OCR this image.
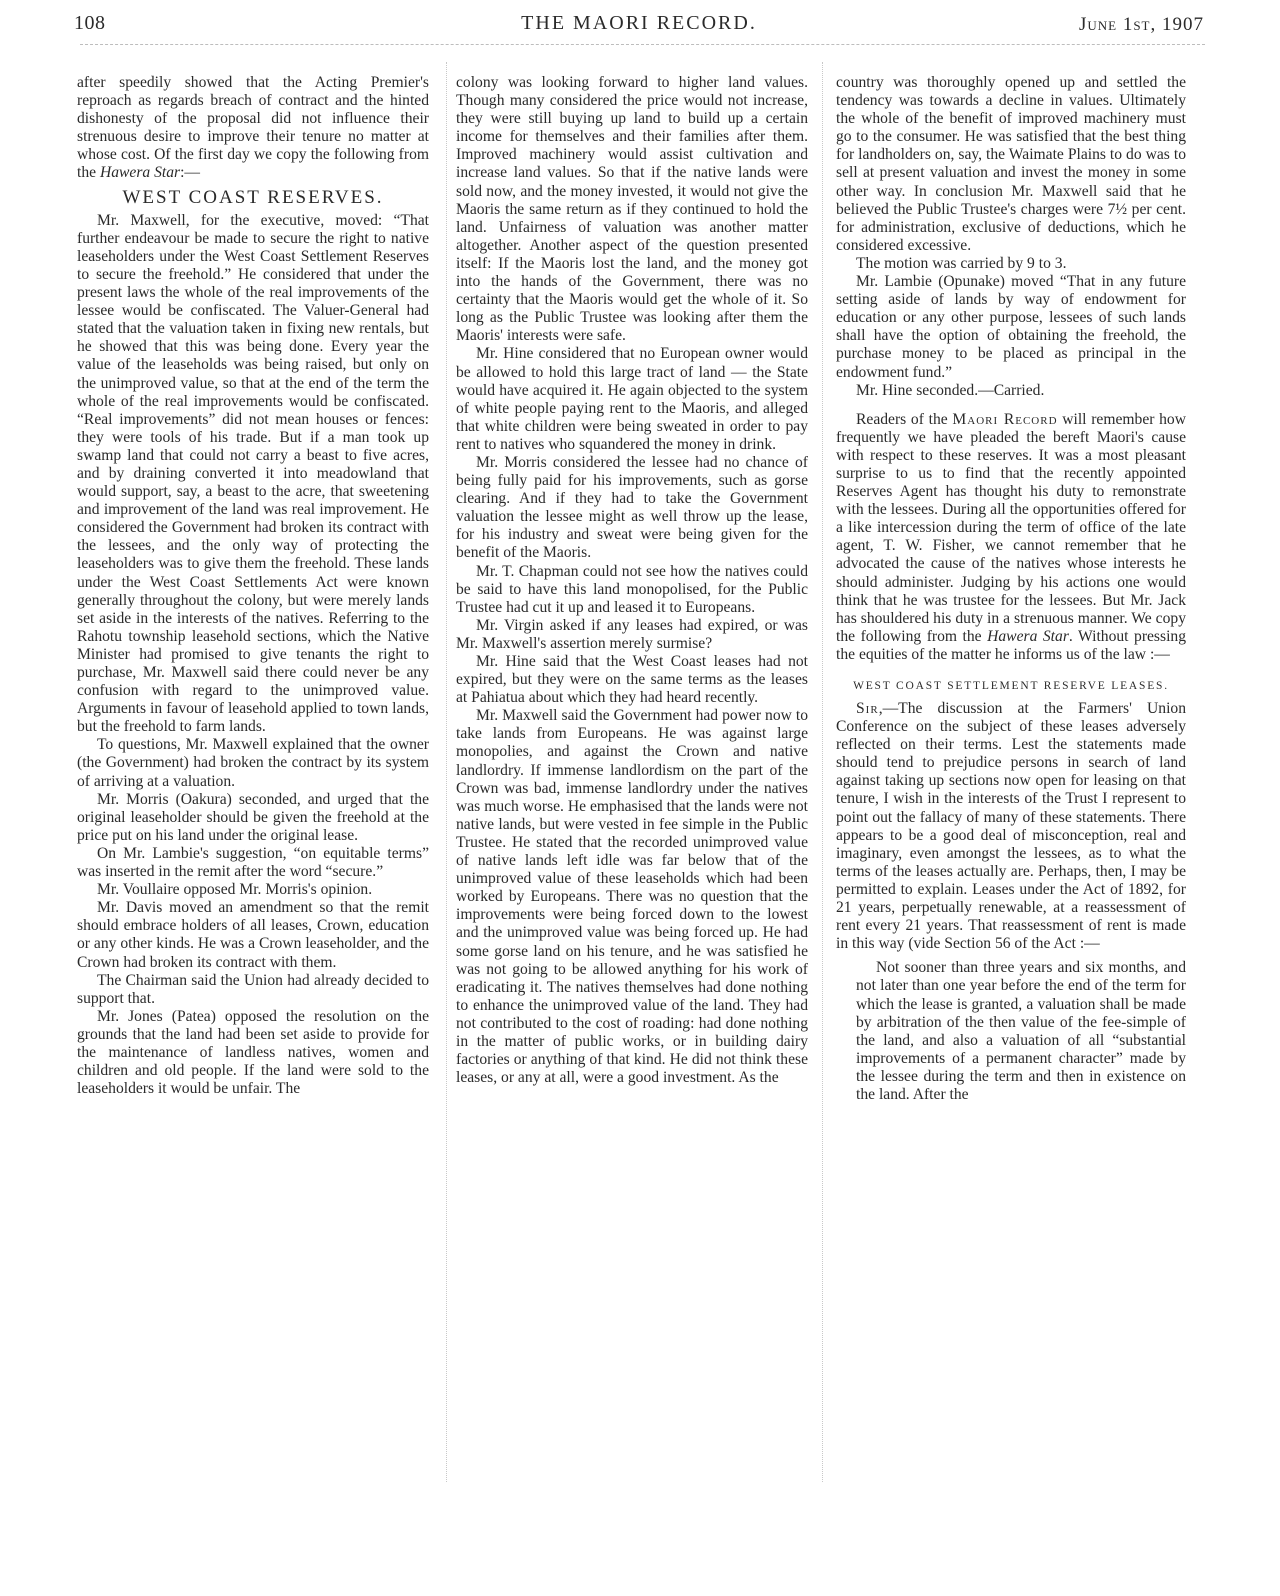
108	THE MAORI RECORD.	June 1st, 1907

after speedily showed that the Acting Premier's reproach as regards breach of contract and the hinted dishonesty of the proposal did not influence their strenuous desire to improve their tenure no matter at whose cost. Of the first day we copy the following from the Hawera Star:—

WEST COAST RESERVES.

Mr. Maxwell, for the executive, moved: “That further endeavour be made to secure the right to native leaseholders under the West Coast Settlement Reserves to secure the freehold.” He considered that under the present laws the whole of the real improvements of the lessee would be confiscated. The Valuer-General had stated that the valuation taken in fixing new rentals, but he showed that this was being done. Every year the value of the leaseholds was being raised, but only on the unimproved value, so that at the end of the term the whole of the real improvements would be confiscated. “Real improvements” did not mean houses or fences: they were tools of his trade. But if a man took up swamp land that could not carry a beast to five acres, and by draining converted it into meadowland that would support, say, a beast to the acre, that sweetening and improvement of the land was real improvement. He considered the Government had broken its contract with the lessees, and the only way of protecting the leaseholders was to give them the freehold. These lands under the West Coast Settlements Act were known generally throughout the colony, but were merely lands set aside in the interests of the natives. Referring to the Rahotu township leasehold sections, which the Native Minister had promised to give tenants the right to purchase, Mr. Maxwell said there could never be any confusion with regard to the unimproved value. Arguments in favour of leasehold applied to town lands, but the freehold to farm lands.

To questions, Mr. Maxwell explained that the owner (the Government) had broken the contract by its system of arriving at a valuation.

Mr. Morris (Oakura) seconded, and urged that the original leaseholder should be given the freehold at the price put on his land under the original lease.

On Mr. Lambie's suggestion, “on equitable terms” was inserted in the remit after the word “secure.”

Mr. Voullaire opposed Mr. Morris's opinion.

Mr. Davis moved an amendment so that the remit should embrace holders of all leases, Crown, education or any other kinds. He was a Crown leaseholder, and the Crown had broken its contract with them.

The Chairman said the Union had already decided to support that.

Mr. Jones (Patea) opposed the resolution on the grounds that the land had been set aside to provide for the maintenance of landless natives, women and children and old people. If the land were sold to the leaseholders it would be unfair. The

colony was looking forward to higher land values. Though many considered the price would not increase, they were still buying up land to build up a certain income for themselves and their families after them. Improved machinery would assist cultivation and increase land values. So that if the native lands were sold now, and the money invested, it would not give the Maoris the same return as if they continued to hold the land. Unfairness of valuation was another matter altogether. Another aspect of the question presented itself: If the Maoris lost the land, and the money got into the hands of the Government, there was no certainty that the Maoris would get the whole of it. So long as the Public Trustee was looking after them the Maoris' interests were safe.

Mr. Hine considered that no European owner would be allowed to hold this large tract of land — the State would have acquired it. He again objected to the system of white people paying rent to the Maoris, and alleged that white children were being sweated in order to pay rent to natives who squandered the money in drink.

Mr. Morris considered the lessee had no chance of being fully paid for his improvements, such as gorse clearing. And if they had to take the Government valuation the lessee might as well throw up the lease, for his industry and sweat were being given for the benefit of the Maoris.

Mr. T. Chapman could not see how the natives could be said to have this land monopolised, for the Public Trustee had cut it up and leased it to Europeans.

Mr. Virgin asked if any leases had expired, or was Mr. Maxwell's assertion merely surmise?

Mr. Hine said that the West Coast leases had not expired, but they were on the same terms as the leases at Pahiatua about which they had heard recently.

Mr. Maxwell said the Government had power now to take lands from Europeans. He was against large monopolies, and against the Crown and native landlordry. If immense landlordism on the part of the Crown was bad, immense landlordry under the natives was much worse. He emphasised that the lands were not native lands, but were vested in fee simple in the Public Trustee. He stated that the recorded unimproved value of native lands left idle was far below that of the unimproved value of these leaseholds which had been worked by Europeans. There was no question that the improvements were being forced down to the lowest and the unimproved value was being forced up. He had some gorse land on his tenure, and he was satisfied he was not going to be allowed anything for his work of eradicating it. The natives themselves had done nothing to enhance the unimproved value of the land. They had not contributed to the cost of roading: had done nothing in the matter of public works, or in building dairy factories or anything of that kind. He did not think these leases, or any at all, were a good investment. As the

country was thoroughly opened up and settled the tendency was towards a decline in values. Ultimately the whole of the benefit of improved machinery must go to the consumer. He was satisfied that the best thing for landholders on, say, the Waimate Plains to do was to sell at present valuation and invest the money in some other way. In conclusion Mr. Maxwell said that he believed the Public Trustee's charges were 7½ per cent. for administration, exclusive of deductions, which he considered excessive.

The motion was carried by 9 to 3.

Mr. Lambie (Opunake) moved “That in any future setting aside of lands by way of endowment for education or any other purpose, lessees of such lands shall have the option of obtaining the freehold, the purchase money to be placed as principal in the endowment fund.”

Mr. Hine seconded.—Carried.

Readers of the Maori Record will remember how frequently we have pleaded the bereft Maori's cause with respect to these reserves. It was a most pleasant surprise to us to find that the recently appointed Reserves Agent has thought his duty to remonstrate with the lessees. During all the opportunities offered for a like intercession during the term of office of the late agent, T. W. Fisher, we cannot remember that he advocated the cause of the natives whose interests he should administer. Judging by his actions one would think that he was trustee for the lessees. But Mr. Jack has shouldered his duty in a strenuous manner. We copy the following from the Hawera Star. Without pressing the equities of the matter he informs us of the law :—

WEST COAST SETTLEMENT RESERVE LEASES.

Sir,—The discussion at the Farmers' Union Conference on the subject of these leases adversely reflected on their terms. Lest the statements made should tend to prejudice persons in search of land against taking up sections now open for leasing on that tenure, I wish in the interests of the Trust I represent to point out the fallacy of many of these statements. There appears to be a good deal of misconception, real and imaginary, even amongst the lessees, as to what the terms of the leases actually are. Perhaps, then, I may be permitted to explain. Leases under the Act of 1892, for 21 years, perpetually renewable, at a reassessment of rent every 21 years. That reassessment of rent is made in this way (vide Section 56 of the Act :—

Not sooner than three years and six months, and not later than one year before the end of the term for which the lease is granted, a valuation shall be made by arbitration of the then value of the fee-simple of the land, and also a valuation of all “substantial improvements of a permanent character” made by the lessee during the term and then in existence on the land. After the
